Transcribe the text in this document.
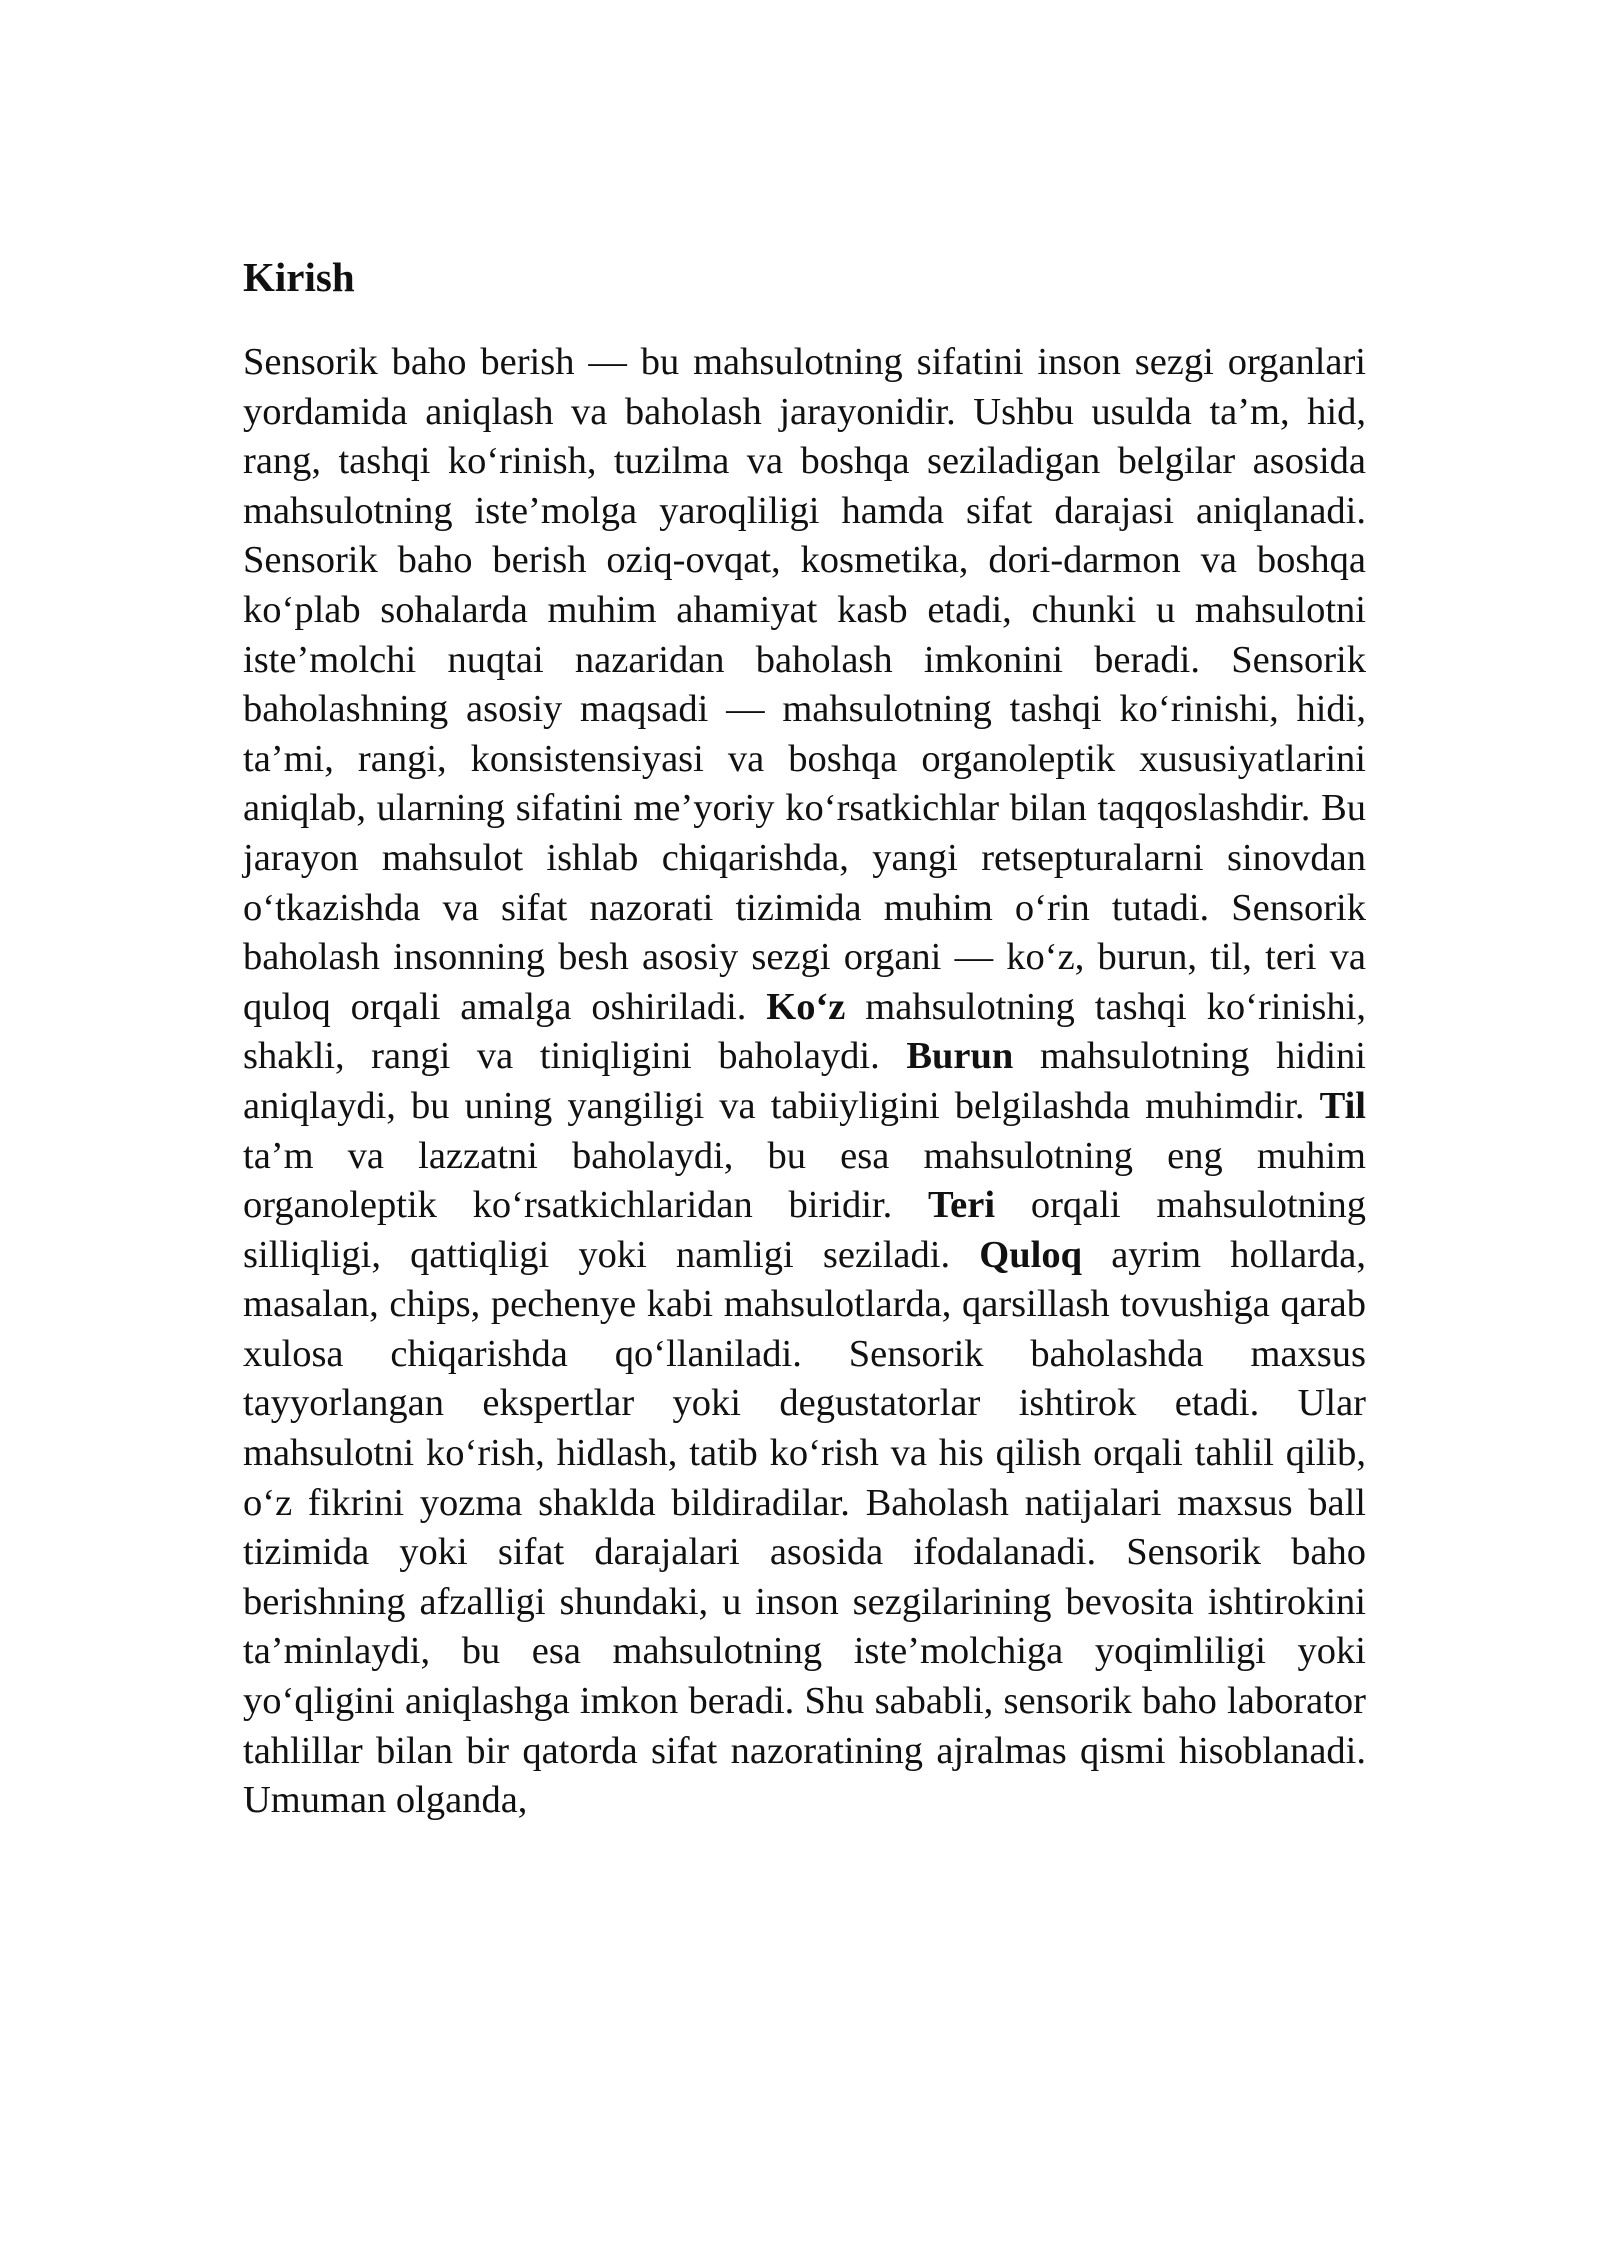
Kirish

Sensorik baho berish — bu mahsulotning sifatini inson sezgi organlari yordamida aniqlash va baholash jarayonidir. Ushbu usulda ta’m, hid, rang, tashqi ko‘rinish, tuzilma va boshqa seziladigan belgilar asosida mahsulotning iste’molga yaroqliligi hamda sifat darajasi aniqlanadi. Sensorik baho berish oziq-ovqat, kosmetika, dori-darmon va boshqa ko‘plab sohalarda muhim ahamiyat kasb etadi, chunki u mahsulotni iste’molchi nuqtai nazaridan baholash imkonini beradi. Sensorik baholashning asosiy maqsadi — mahsulotning tashqi ko‘rinishi, hidi, ta’mi, rangi, konsistensiyasi va boshqa organoleptik xususiyatlarini aniqlab, ularning sifatini me’yoriy ko‘rsatkichlar bilan taqqoslashdir. Bu jarayon mahsulot ishlab chiqarishda, yangi retsepturalarni sinovdan o‘tkazishda va sifat nazorati tizimida muhim o‘rin tutadi. Sensorik baholash insonning besh asosiy sezgi organi — ko‘z, burun, til, teri va quloq orqali amalga oshiriladi. Ko‘z mahsulotning tashqi ko‘rinishi, shakli, rangi va tiniqligini baholaydi. Burun mahsulotning hidini aniqlaydi, bu uning yangiligi va tabiiyligini belgilashda muhimdir. Til ta’m va lazzatni baholaydi, bu esa mahsulotning eng muhim organoleptik ko‘rsatkichlaridan biridir. Teri orqali mahsulotning silliqligi, qattiqligi yoki namligi seziladi. Quloq ayrim hollarda, masalan, chips, pechenye kabi mahsulotlarda, qarsillash tovushiga qarab xulosa chiqarishda qo‘llaniladi. Sensorik baholashda maxsus tayyorlangan ekspertlar yoki degustatorlar ishtirok etadi. Ular mahsulotni ko‘rish, hidlash, tatib ko‘rish va his qilish orqali tahlil qilib, o‘z fikrini yozma shaklda bildiradilar. Baholash natijalari maxsus ball tizimida yoki sifat darajalari asosida ifodalanadi. Sensorik baho berishning afzalligi shundaki, u inson sezgilarining bevosita ishtirokini ta’minlaydi, bu esa mahsulotning iste’molchiga yoqimliligi yoki yo‘qligini aniqlashga imkon beradi. Shu sababli, sensorik baho laborator tahlillar bilan bir qatorda sifat nazoratining ajralmas qismi hisoblanadi. Umuman olganda,
